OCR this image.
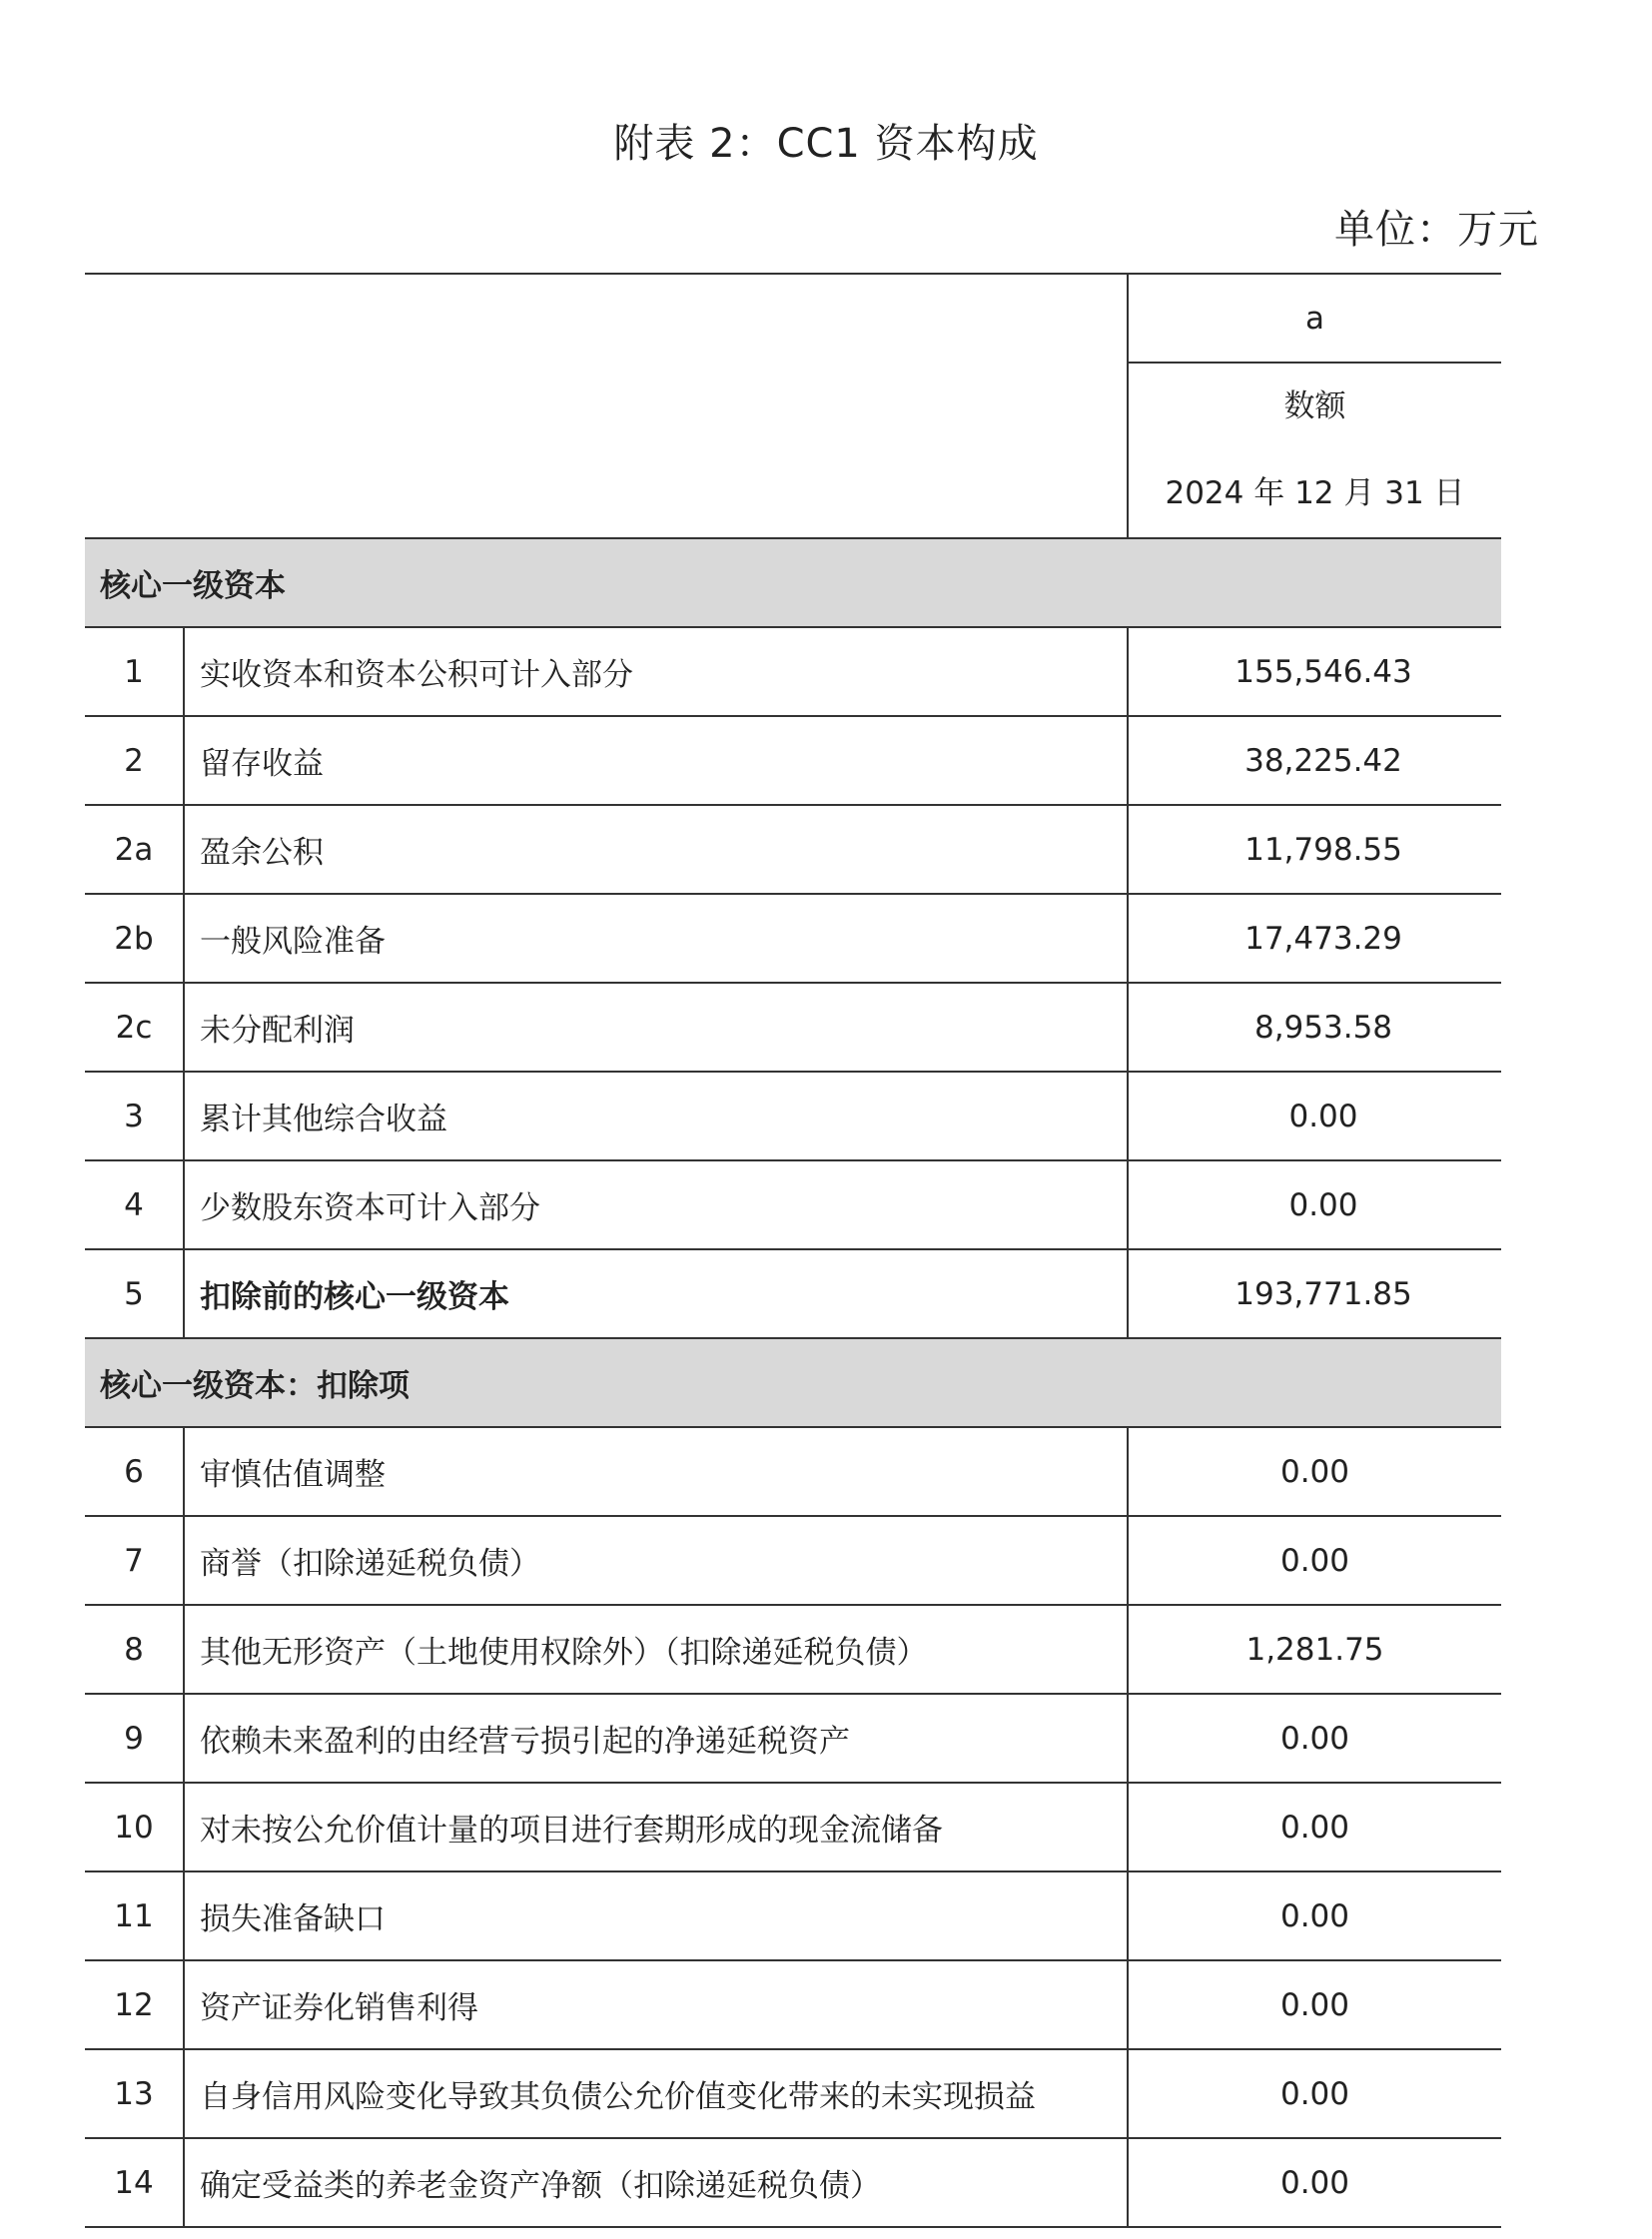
附表 2：CC1 资本构成
单位：万元
		a

		数额
2024 年 12 月 31 日

核心一级资本		
1	实收资本和资本公积可计入部分	155,546.43
2	留存收益	38,225.42
2a	盈余公积	11,798.55
2b	一般风险准备	17,473.29
2c	未分配利润	8,953.58
3	累计其他综合收益	0.00
4	少数股东资本可计入部分	0.00
5	扣除前的核心一级资本	193,771.85
核心一级资本：扣除项		
6	审慎估值调整	0.00
7	商誉（扣除递延税负债）	0.00
8	其他无形资产（土地使用权除外）（扣除递延税负债）	1,281.75
9	依赖未来盈利的由经营亏损引起的净递延税资产	0.00
10	对未按公允价值计量的项目进行套期形成的现金流储备	0.00
11	损失准备缺口	0.00
12	资产证券化销售利得	0.00
13	自身信用风险变化导致其负债公允价值变化带来的未实现损益	0.00
14	确定受益类的养老金资产净额（扣除递延税负债）	0.00
